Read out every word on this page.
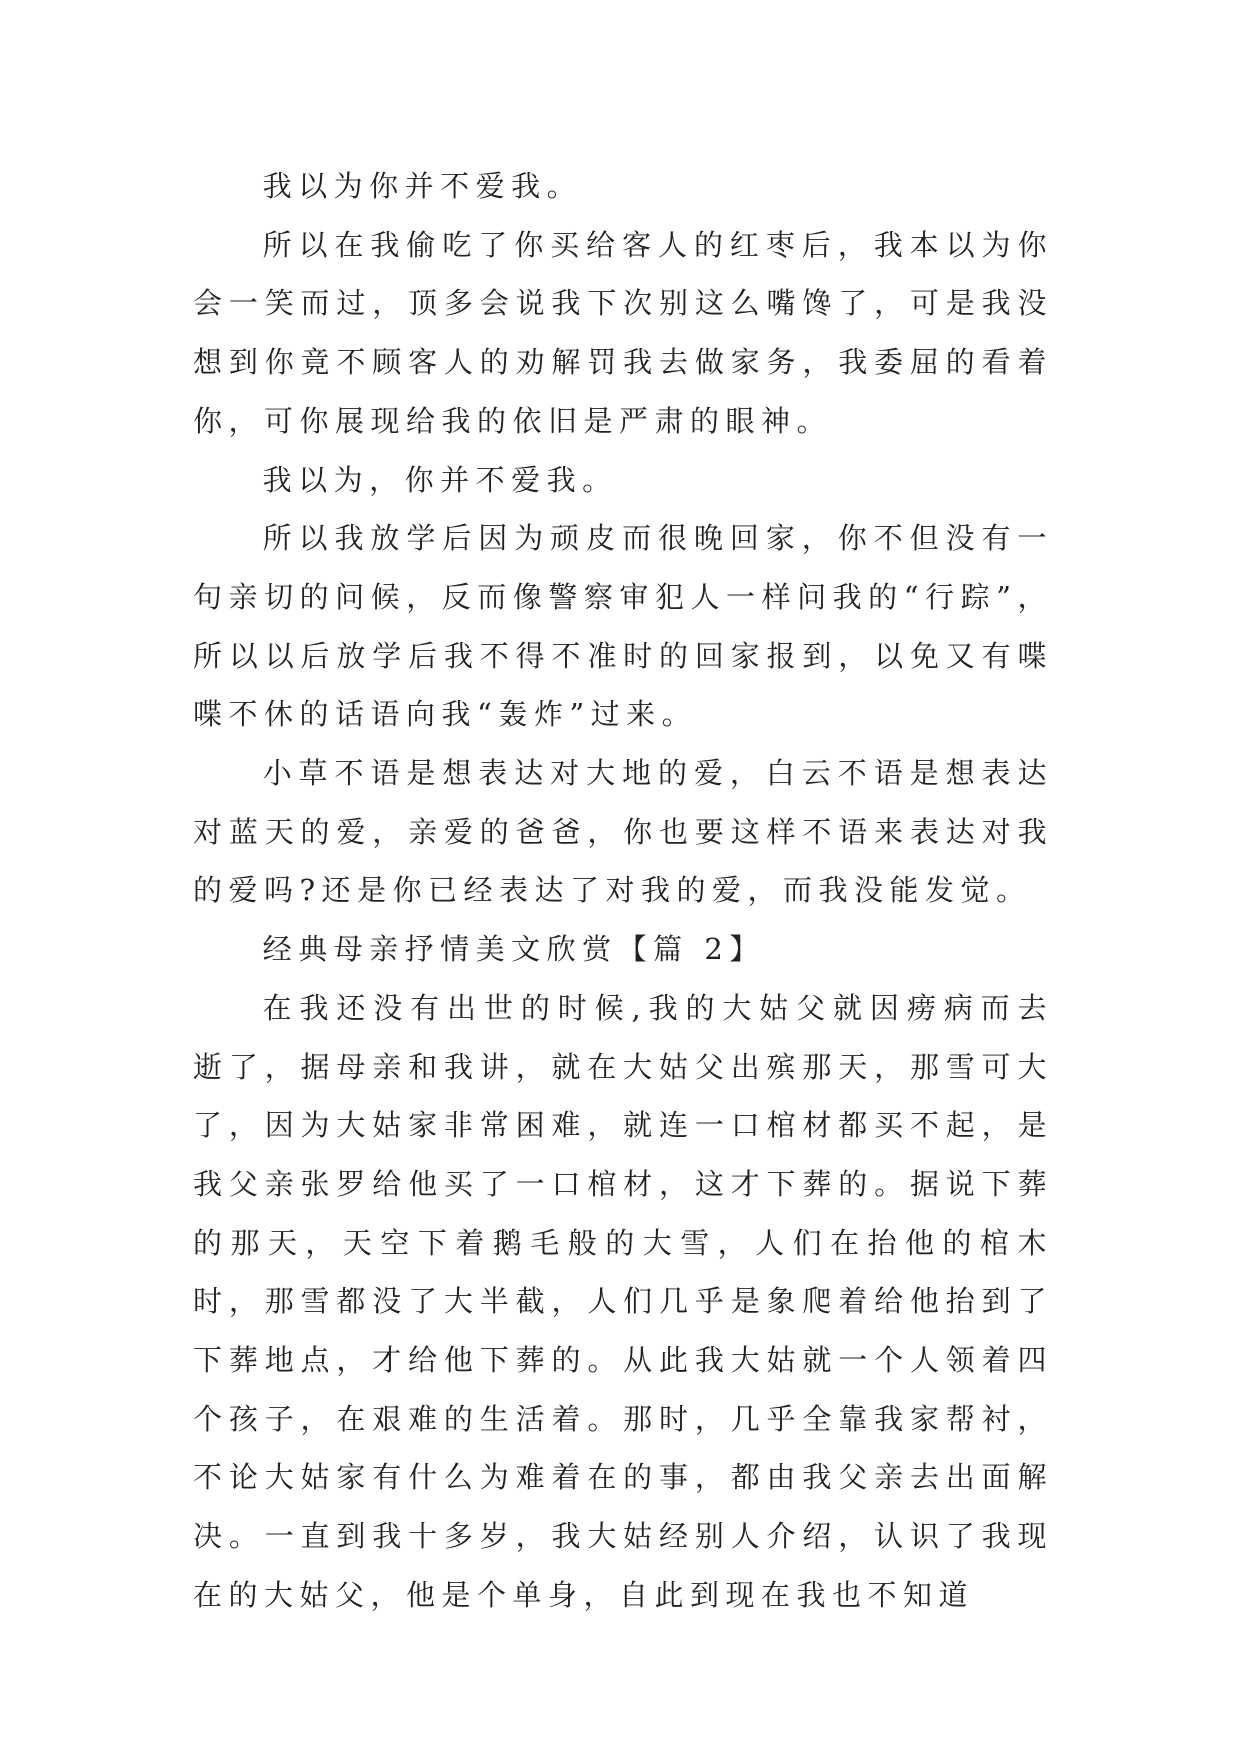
我以为你并不爱我。

所以在我偷吃了你买给客人的红枣后，我本以为你会一笑而过，顶多会说我下次别这么嘴馋了，可是我没想到你竟不顾客人的劝解罚我去做家务，我委屈的看着你，可你展现给我的依旧是严肃的眼神。

我以为，你并不爱我。

所以我放学后因为顽皮而很晚回家，你不但没有一句亲切的问候，反而像警察审犯人一样问我的“行踪”，所以以后放学后我不得不准时的回家报到，以免又有喋喋不休的话语向我“轰炸”过来。

小草不语是想表达对大地的爱，白云不语是想表达对蓝天的爱，亲爱的爸爸，你也要这样不语来表达对我的爱吗?还是你已经表达了对我的爱，而我没能发觉。

经典母亲抒情美文欣赏【篇 2】

在我还没有出世的时候,我的大姑父就因痨病而去逝了，据母亲和我讲，就在大姑父出殡那天，那雪可大了，因为大姑家非常困难，就连一口棺材都买不起，是我父亲张罗给他买了一口棺材，这才下葬的。据说下葬的那天，天空下着鹅毛般的大雪，人们在抬他的棺木时，那雪都没了大半截，人们几乎是象爬着给他抬到了下葬地点，才给他下葬的。从此我大姑就一个人领着四个孩子，在艰难的生活着。那时，几乎全靠我家帮衬，不论大姑家有什么为难着在的事，都由我父亲去出面解决。一直到我十多岁，我大姑经别人介绍，认识了我现在的大姑父，他是个单身，自此到现在我也不知道
